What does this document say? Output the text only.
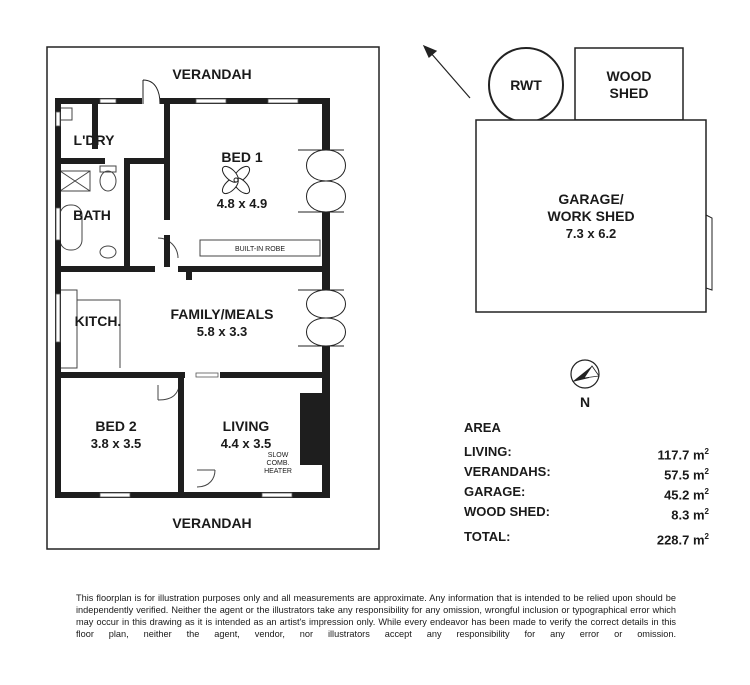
VERANDAH
VERANDAH
L'DRY
BATH
BED 1
4.8 x 4.9
BUILT-IN ROBE
KITCH.	FAMILY/MEALS
5.8 x 3.3
BED 2
3.8 x 3.5
LIVING
4.4 x 3.5
SLOW
COMB.
HEATER
RWT
WOOD
SHED
GARAGE/
WORK SHED
7.3 x 6.2
N
AREA
LIVING:	117.7 $m^2$
VERANDAHS:	57.5 $m^2$
GARAGE:	45.2 $m^2$
WOOD SHED:	8.3 $m^2$
TOTAL:	228.7 $m^2$
This floorplan is for illustration purposes only and all measurements are approximate. Any information that is intended to be relied upon should be independently verified. Neither the agent or the illustrators take any responsibility for any omission, wrongful inclusion or typographical error which may occur in this drawing as it is intended as an artist's impression only. While every endeavor has been made to verify the correct details in this floor plan, neither the agent, vendor, nor illustrators accept any responsibility for any error or omission.
